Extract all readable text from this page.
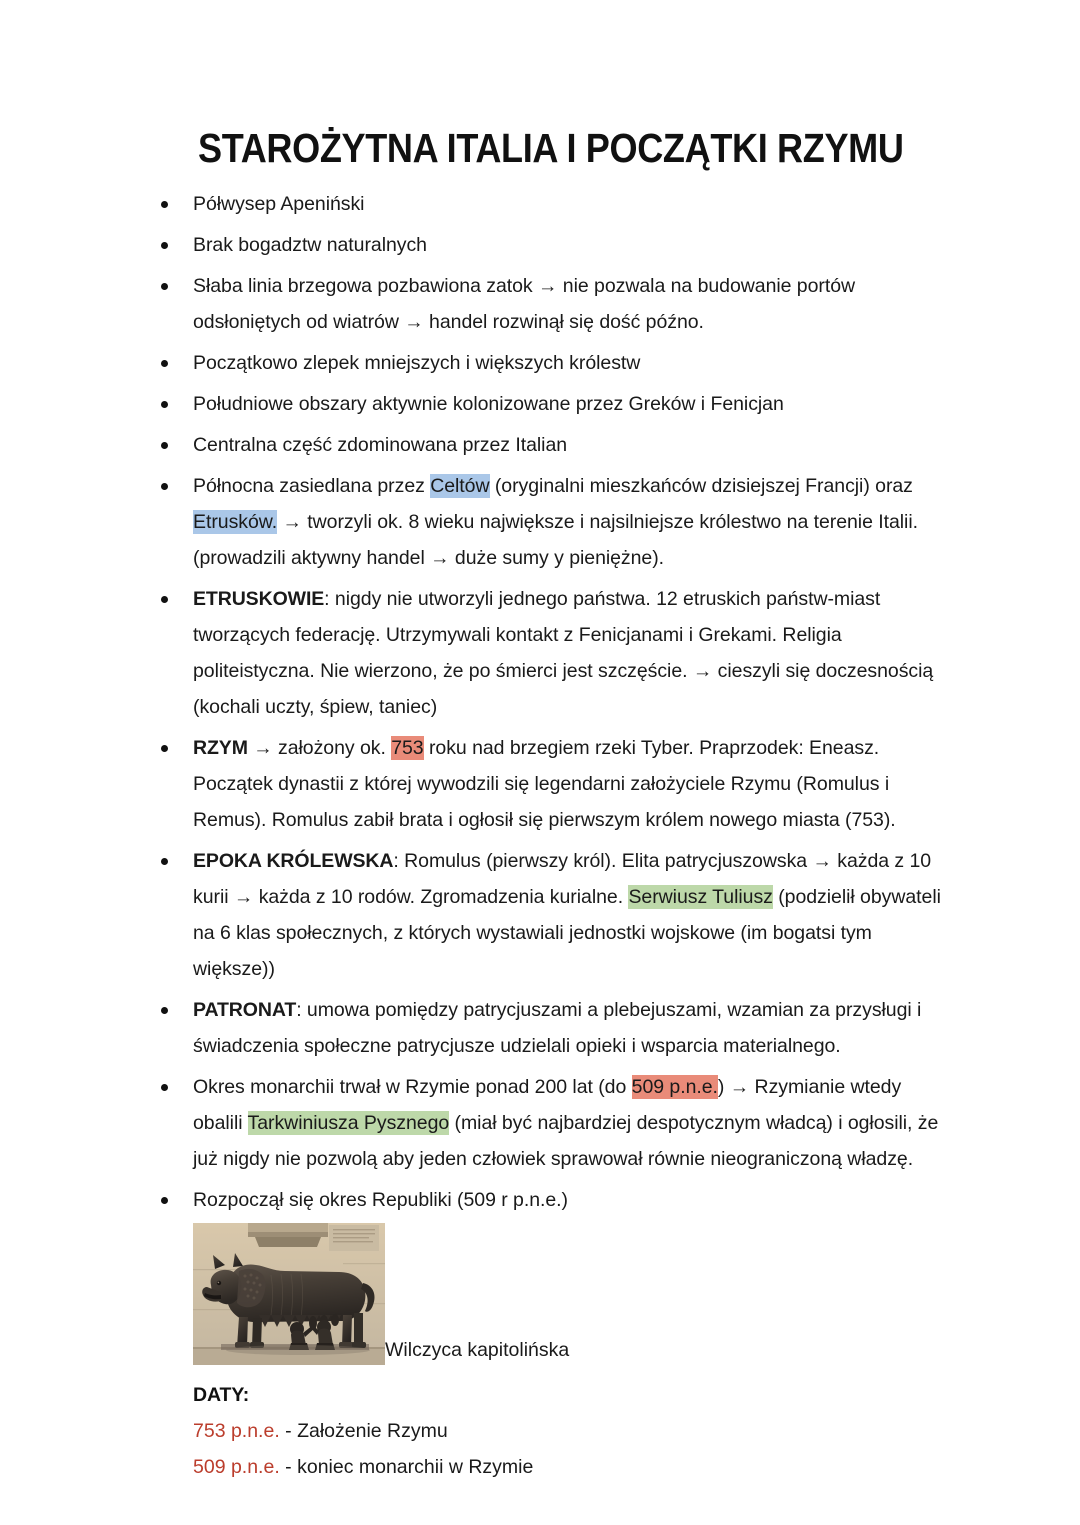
STAROŻYTNA ITALIA I POCZĄTKI RZYMU
Półwysep Apeniński
Brak bogadztw naturalnych
Słaba linia brzegowa pozbawiona zatok → nie pozwala na budowanie portów odsłoniętych od wiatrów → handel rozwinął się dość późno.
Początkowo zlepek mniejszych i większych królestw
Południowe obszary aktywnie kolonizowane przez Greków i Fenicjan
Centralna część zdominowana przez Italian
Północna zasiedlana przez Celtów (oryginalni mieszkańców dzisiejszej Francji) oraz Etrusków. → tworzyli ok. 8 wieku największe i najsilniejsze królestwo na terenie Italii. (prowadzili aktywny handel → duże sumy y pieniężne).
ETRUSKOWIE: nigdy nie utworzyli jednego państwa. 12 etruskich państw-miast tworzących federację. Utrzymywali kontakt z Fenicjanami i Grekami. Religia politeistyczna. Nie wierzono, że po śmierci jest szczęście. → cieszyli się doczesnością (kochali uczty, śpiew, taniec)
RZYM → założony ok. 753 roku nad brzegiem rzeki Tyber. Praprzodek: Eneasz. Początek dynastii z której wywodzili się legendarni założyciele Rzymu (Romulus i Remus). Romulus zabił brata i ogłosił się pierwszym królem nowego miasta (753).
EPOKA KRÓLEWSKA: Romulus (pierwszy król). Elita patrycjuszowska → każda z 10 kurii → każda z 10 rodów. Zgromadzenia kurialne. Serwiusz Tuliusz (podzielił obywateli na 6 klas społecznych, z których wystawiali jednostki wojskowe (im bogatsi tym większe))
PATRONAT: umowa pomiędzy patrycjuszami a plebejuszami, wzamian za przysługi i świadczenia społeczne patrycjusze udzielali opieki i wsparcia materialnego.
Okres monarchii trwał w Rzymie ponad 200 lat (do 509 p.n.e.) → Rzymianie wtedy obalili Tarkwiniusza Pysznego (miał być najbardziej despotycznym władcą) i ogłosili, że już nigdy nie pozwolą aby jeden człowiek sprawował równie nieograniczoną władzę.
Rozpoczął się okres Republiki (509 r p.n.e.)
Wilczyca kapitolińska
DATY:
753 p.n.e. - Założenie Rzymu
509 p.n.e. - koniec monarchii w Rzymie
